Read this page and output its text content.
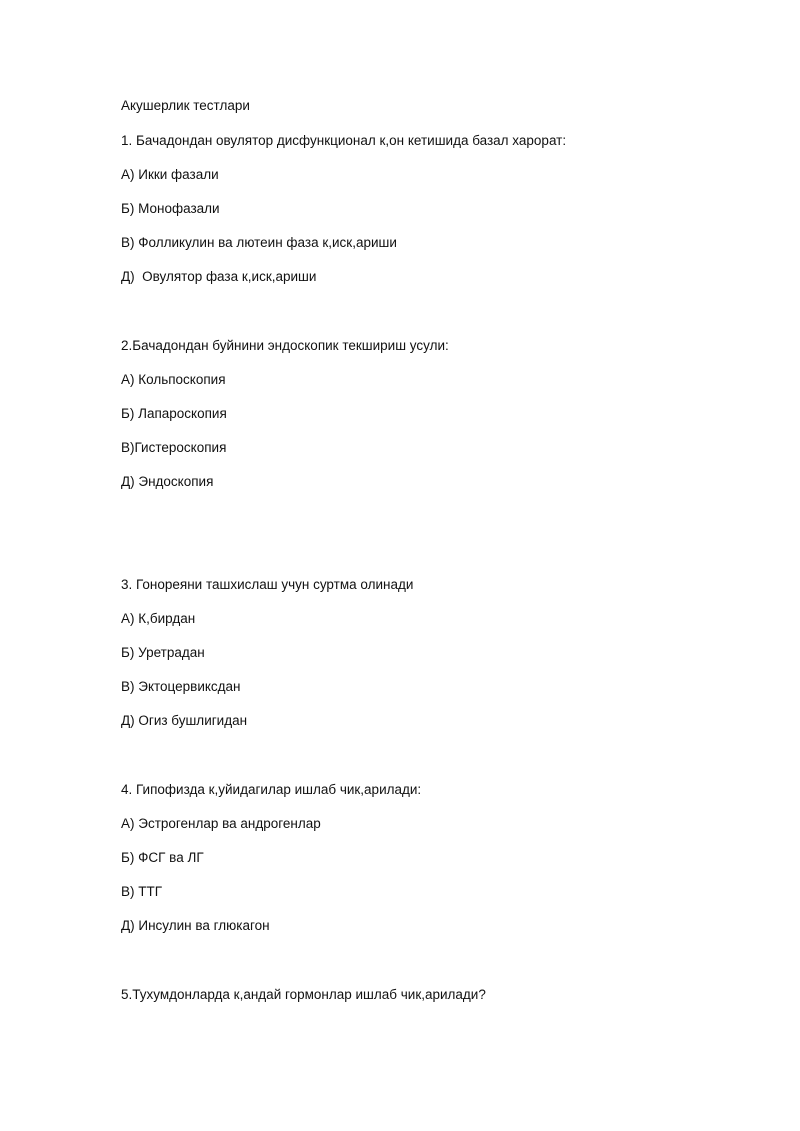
Акушерлик тестлари
1. Бачадондан овулятор дисфункционал к,он кетишида базал харорат:
А) Икки фазали
Б) Монофазали
В) Фолликулин ва лютеин фаза к,иск,ариши
Д)  Овулятор фаза к,иск,ариши
2.Бачадондан буйнини эндоскопик текшириш усули:
А) Кольпоскопия
Б) Лапароскопия
В)Гистероскопия
Д) Эндоскопия
3. Гонореяни ташхислаш учун суртма олинади
А) К,бирдан
Б) Уретрадан
В) Эктоцервиксдан
Д) Огиз бушлигидан
4. Гипофизда к,уйидагилар ишлаб чик,арилади:
А) Эстрогенлар ва андрогенлар
Б) ФСГ ва ЛГ
В) ТТГ
Д) Инсулин ва глюкагон
5.Тухумдонларда к,андай гормонлар ишлаб чик,арилади?
